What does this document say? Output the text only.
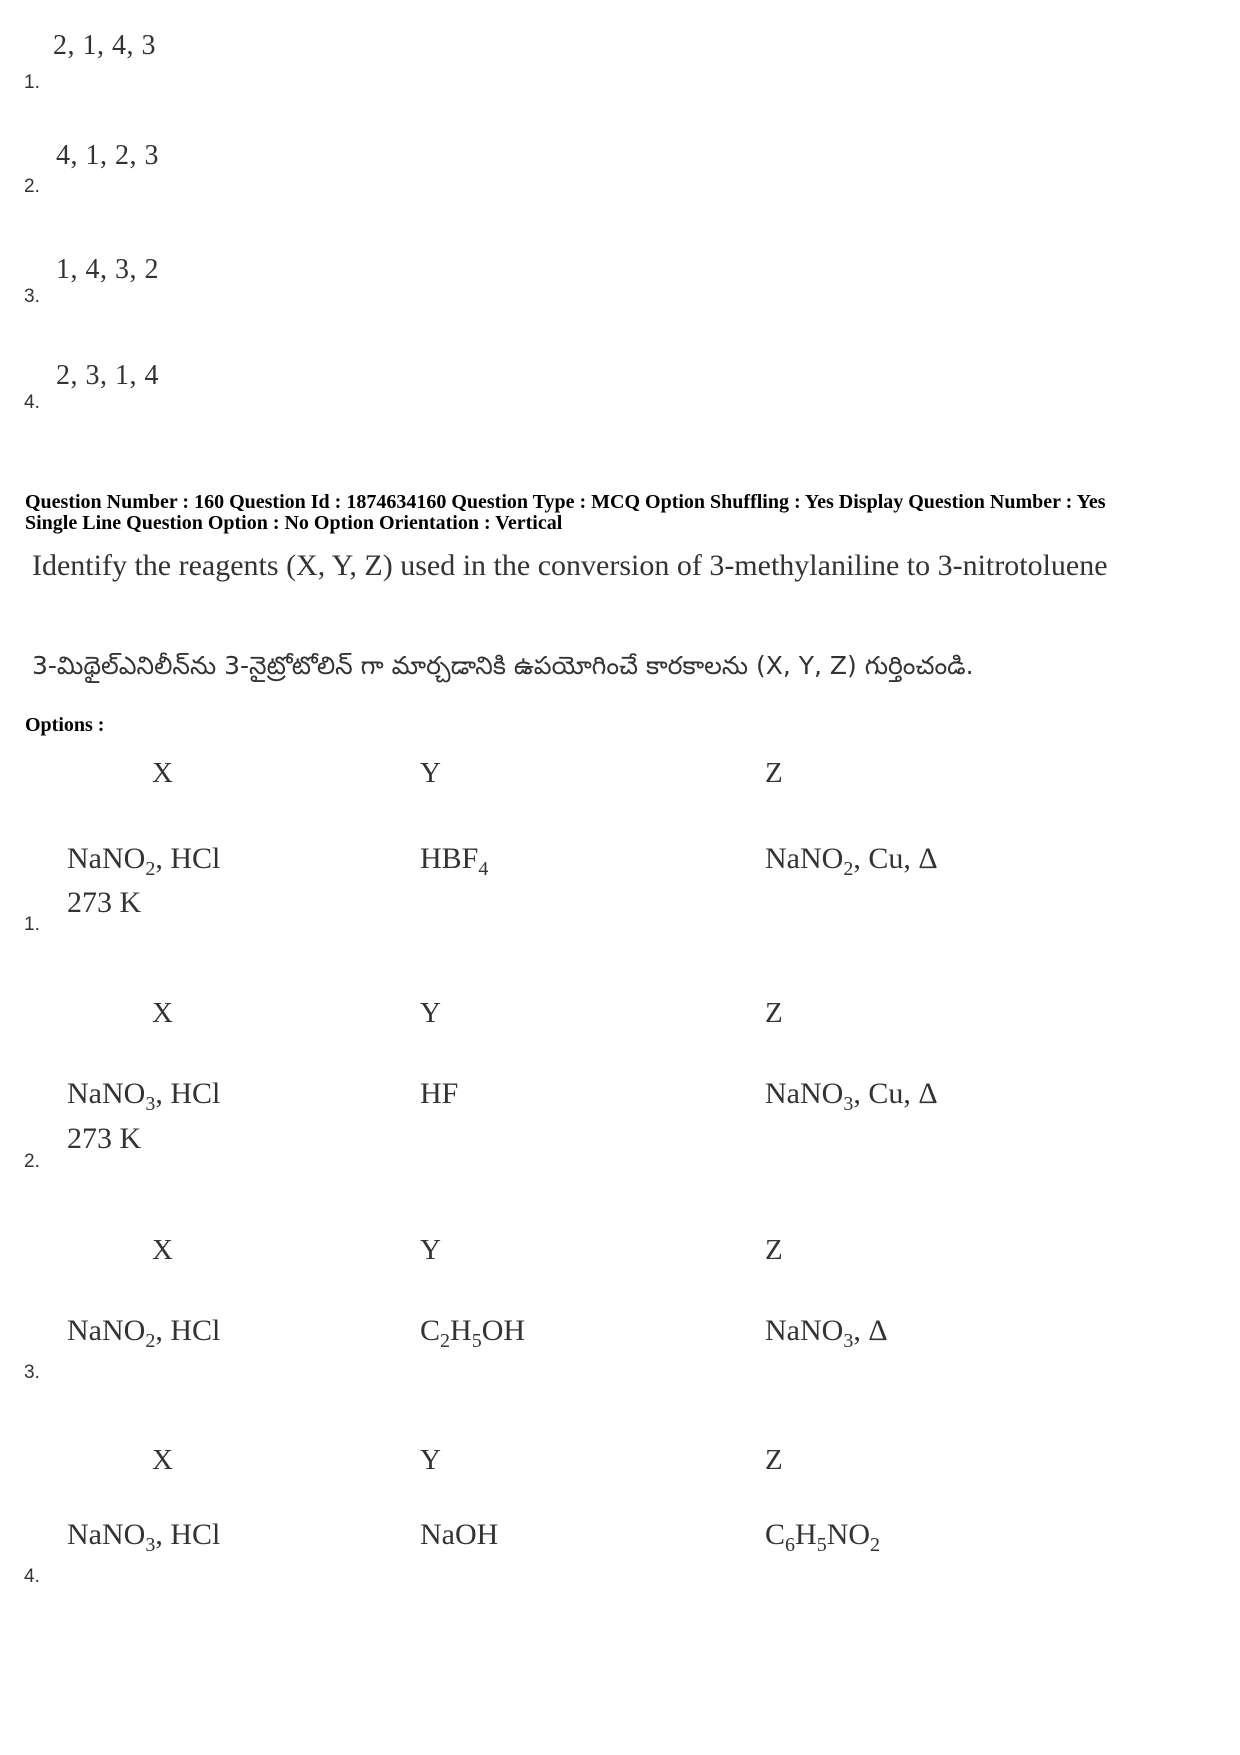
2, 1, 4, 3
1.
4, 1, 2, 3
2.
1, 4, 3, 2
3.
2, 3, 1, 4
4.
Question Number : 160 Question Id : 1874634160 Question Type : MCQ Option Shuffling : Yes Display Question Number : Yes
Single Line Question Option : No Option Orientation : Vertical
Identify the reagents (X, Y, Z) used in the conversion of 3-methylaniline to 3-nitrotoluene
3-మిథైల్ఎనిలీన్‌ను 3-నైట్రోటోలిన్ గా మార్చడానికి ఉపయోగించే కారకాలను (X, Y, Z) గుర్తించండి.
Options :
X	Y	Z
NaNO$_2$, HCl
273 K
$HBF_4$	NaNO$_2$, Cu, Δ
1.
X	Y	Z
NaNO$_3$, HCl
273 K
HF	NaNO$_3$, Cu, Δ
2.
X	Y	Z
NaNO$_2$, HCl	$C_2H_5OH$	NaNO$_3$, Δ
3.
X	Y	Z
NaNO$_3$, HCl	NaOH	$C_6H_5NO_2$
4.
